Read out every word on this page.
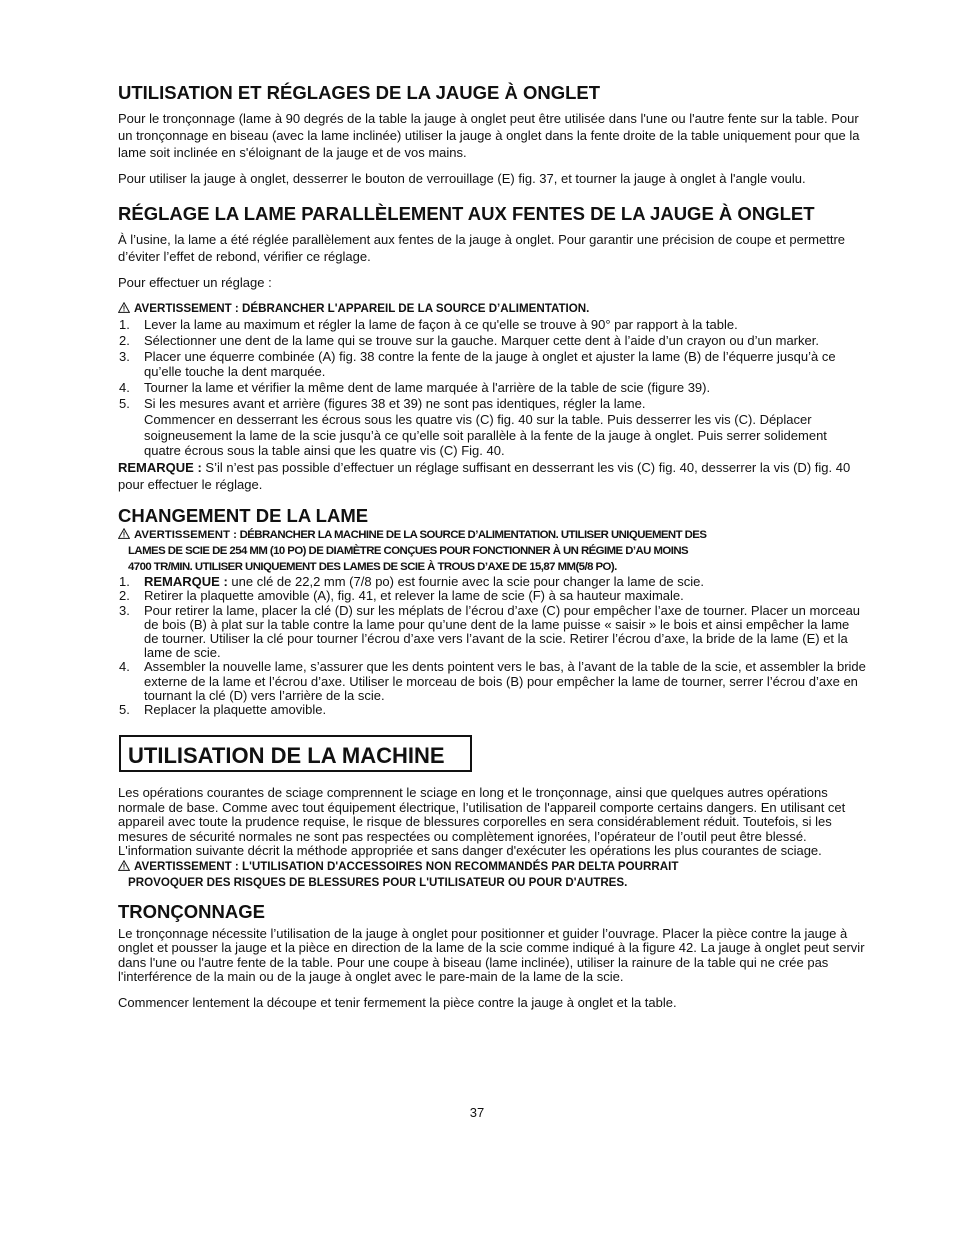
UTILISATION ET RÉGLAGES DE LA JAUGE À ONGLET

Pour le tronçonnage (lame à 90 degrés de la table la jauge à onglet peut être utilisée dans l'une ou l'autre fente sur la table. Pour un tronçonnage en biseau (avec la lame inclinée) utiliser la jauge à onglet dans la fente droite de la table uniquement pour que la lame soit inclinée en s'éloignant de la jauge et de vos mains.

Pour utiliser la jauge à onglet, desserrer le bouton de verrouillage (E) fig. 37, et tourner la jauge à onglet à l'angle voulu.

RÉGLAGE LA LAME PARALLÈLEMENT AUX FENTES DE LA JAUGE À ONGLET

À l’usine, la lame a été réglée parallèlement aux fentes de la jauge à onglet. Pour garantir une précision de coupe et permettre d’éviter l’effet de rebond, vérifier ce réglage.

Pour effectuer un réglage :

AVERTISSEMENT : DÉBRANCHER L'APPAREIL DE LA SOURCE D’ALIMENTATION.

1. Lever la lame au maximum et régler la lame de façon à ce qu'elle se trouve à 90° par rapport à la table.
2. Sélectionner une dent de la lame qui se trouve sur la gauche. Marquer cette dent à l’aide d’un crayon ou d’un marker.
3. Placer une équerre combinée (A) fig. 38 contre la fente de la jauge à onglet et ajuster la lame (B) de l’équerre jusqu’à ce qu’elle touche la dent marquée.
4. Tourner la lame et vérifier la même dent de lame marquée à l'arrière de la table de scie (figure 39).
5. Si les mesures avant et arrière (figures 38 et 39) ne sont pas identiques, régler la lame.

Commencer en desserrant les écrous sous les quatre vis (C) fig. 40 sur la table. Puis desserrer les vis (C). Déplacer soigneusement la lame de la scie jusqu’à ce qu’elle soit parallèle à la fente de la jauge à onglet. Puis serrer solidement quatre écrous sous la table ainsi que les quatre vis (C) Fig. 40.

REMARQUE : S’il n’est pas possible d’effectuer un réglage suffisant en desserrant les vis (C) fig. 40, desserrer la vis (D) fig. 40 pour effectuer le réglage.

CHANGEMENT DE LA LAME

AVERTISSEMENT : DÉBRANCHER LA MACHINE DE LA SOURCE D’ALIMENTATION. UTILISER UNIQUEMENT DES
LAMES DE SCIE DE 254 MM (10 PO) DE DIAMÈTRE CONÇUES POUR FONCTIONNER À UN RÉGIME D’AU MOINS
4700 TR/MIN. UTILISER UNIQUEMENT DES LAMES DE SCIE À TROUS D’AXE DE 15,87 MM(5/8 PO).

1. REMARQUE : une clé de 22,2 mm (7/8 po) est fournie avec la scie pour changer la lame de scie.
2. Retirer la plaquette amovible (A), fig. 41, et relever la lame de scie (F) à sa hauteur maximale.
3. Pour retirer la lame, placer la clé (D) sur les méplats de l’écrou d’axe (C) pour empêcher l’axe de tourner. Placer un morceau de bois (B) à plat sur la table contre la lame pour qu’une dent de la lame puisse « saisir » le bois et ainsi empêcher la lame de tourner. Utiliser la clé pour tourner l’écrou d’axe vers l’avant de la scie. Retirer l’écrou d’axe, la bride de la lame (E) et la lame de scie.
4. Assembler la nouvelle lame, s’assurer que les dents pointent vers le bas, à l’avant de la table de la scie, et assembler la bride externe de la lame et l’écrou d’axe. Utiliser le morceau de bois (B) pour empêcher la lame de tourner, serrer l’écrou d’axe en tournant la clé (D) vers l’arrière de la scie.
5. Replacer la plaquette amovible.
UTILISATION DE LA MACHINE

Les opérations courantes de sciage comprennent le sciage en long et le tronçonnage, ainsi que quelques autres opérations normale de base. Comme avec tout équipement électrique, l’utilisation de l'appareil comporte certains dangers. En utilisant cet appareil avec toute la prudence requise, le risque de blessures corporelles en sera considérablement réduit. Toutefois, si les mesures de sécurité normales ne sont pas respectées ou complètement ignorées, l’opérateur de l’outil peut être blessé. L'information suivante décrit la méthode appropriée et sans danger d'exécuter les opérations les plus courantes de sciage.

AVERTISSEMENT : L'UTILISATION D'ACCESSOIRES NON RECOMMANDÉS PAR DELTA POURRAIT
PROVOQUER DES RISQUES DE BLESSURES POUR L'UTILISATEUR OU POUR D'AUTRES.

TRONÇONNAGE

Le tronçonnage nécessite l’utilisation de la jauge à onglet pour positionner et guider l’ouvrage. Placer la pièce contre la jauge à onglet et pousser la jauge et la pièce en direction de la lame de la scie comme indiqué à la figure 42. La jauge à onglet peut servir dans l'une ou l'autre fente de la table. Pour une coupe à biseau (lame inclinée), utiliser la rainure de la table qui ne crée pas l'interférence de la main ou de la jauge à onglet avec le pare-main de la lame de la scie.

Commencer lentement la découpe et tenir fermement la pièce contre la jauge à onglet et la table.

37
